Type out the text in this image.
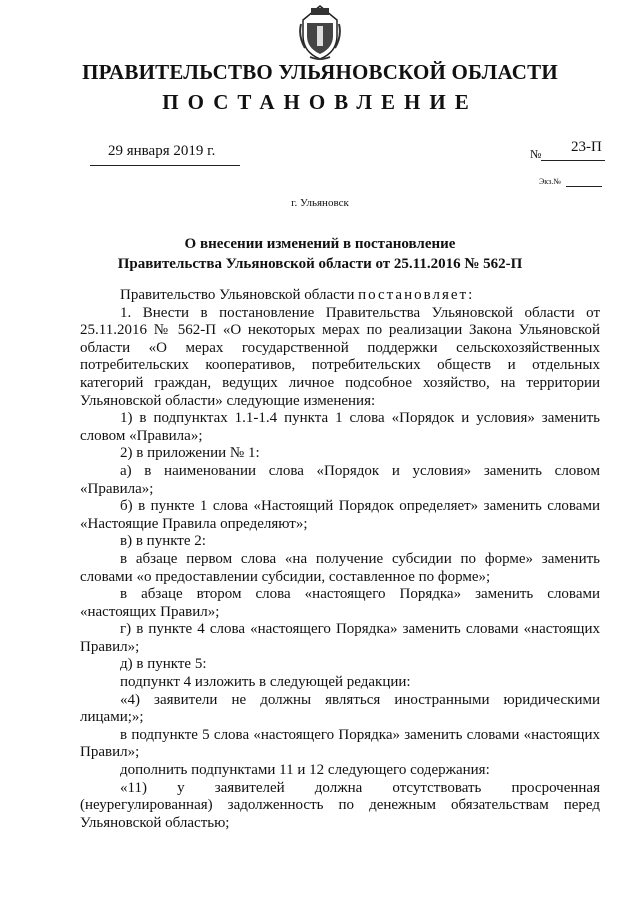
ПРАВИТЕЛЬСТВО УЛЬЯНОВСКОЙ ОБЛАСТИ
ПОСТАНОВЛЕНИЕ
29 января 2019 г.	№ 23-П
Экз.№
г. Ульяновск
О внесении изменений в постановление
Правительства Ульяновской области от 25.11.2016 № 562-П

Правительство Ульяновской области постановляет:

1. Внести в постановление Правительства Ульяновской области от 25.11.2016 № 562-П «О некоторых мерах по реализации Закона Ульяновской области «О мерах государственной поддержки сельскохозяйственных потребительских кооперативов, потребительских обществ и отдельных категорий граждан, ведущих личное подсобное хозяйство, на территории Ульяновской области» следующие изменения:

1) в подпунктах 1.1-1.4 пункта 1 слова «Порядок и условия» заменить словом «Правила»;

2) в приложении № 1:

а) в наименовании слова «Порядок и условия» заменить словом «Правила»;

б) в пункте 1 слова «Настоящий Порядок определяет» заменить словами «Настоящие Правила определяют»;

в) в пункте 2:

в абзаце первом слова «на получение субсидии по форме» заменить словами «о предоставлении субсидии, составленное по форме»;

в абзаце втором слова «настоящего Порядка» заменить словами «настоящих Правил»;

г) в пункте 4 слова «настоящего Порядка» заменить словами «настоящих Правил»;

д) в пункте 5:

подпункт 4 изложить в следующей редакции:

«4) заявители не должны являться иностранными юридическими лицами;»;

в подпункте 5 слова «настоящего Порядка» заменить словами «настоящих Правил»;

дополнить подпунктами 11 и 12 следующего содержания:

«11) у заявителей должна отсутствовать просроченная (неурегулированная) задолженность по денежным обязательствам перед Ульяновской областью;
